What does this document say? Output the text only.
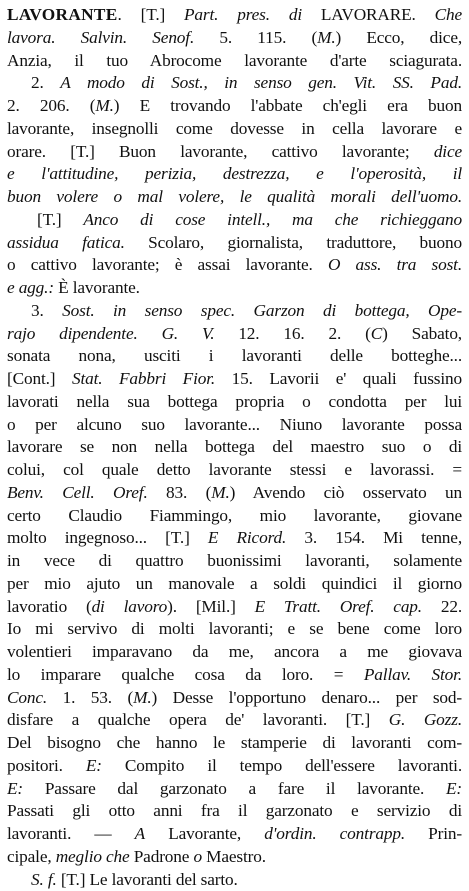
LAVORANTE. [T.] Part. pres. di LAVORARE. Che
lavora. Salvin. Senof. 5. 115. (M.) Ecco, dice,
Anzia, il tuo Abrocome lavorante d'arte sciagurata.
2. A modo di Sost., in senso gen. Vit. SS. Pad.
2. 206. (M.) E trovando l'abbate ch'egli era buon
lavorante, insegnolli come dovesse in cella lavorare e
orare. [T.] Buon lavorante, cattivo lavorante; dice
e l'attitudine, perizia, destrezza, e l'operosità, il
buon volere o mal volere, le qualità morali dell'uomo.
[T.] Anco di cose intell., ma che richieggano
assidua fatica. Scolaro, giornalista, traduttore, buono
o cattivo lavorante; è assai lavorante. O ass. tra sost.
e agg.: È lavorante.
3. Sost. in senso spec. Garzon di bottega, Ope-
rajo dipendente. G. V. 12. 16. 2. (C) Sabato,
sonata nona, usciti i lavoranti delle botteghe...
[Cont.] Stat. Fabbri Fior. 15. Lavorii e' quali fussino
lavorati nella sua bottega propria o condotta per lui
o per alcuno suo lavorante... Niuno lavorante possa
lavorare se non nella bottega del maestro suo o di
colui, col quale detto lavorante stessi e lavorassi. =
Benv. Cell. Oref. 83. (M.) Avendo ciò osservato un
certo Claudio Fiammingo, mio lavorante, giovane
molto ingegnoso... [T.] E Ricord. 3. 154. Mi tenne,
in vece di quattro buonissimi lavoranti, solamente
per mio ajuto un manovale a soldi quindici il giorno
lavoratio (di lavoro). [Mil.] E Tratt. Oref. cap. 22.
Io mi servivo di molti lavoranti; e se bene come loro
volentieri imparavano da me, ancora a me giovava
lo imparare qualche cosa da loro. = Pallav. Stor.
Conc. 1. 53. (M.) Desse l'opportuno denaro... per sod-
disfare a qualche opera de' lavoranti. [T.] G. Gozz.
Del bisogno che hanno le stamperie di lavoranti com-
positori. E: Compito il tempo dell'essere lavoranti.
E: Passare dal garzonato a fare il lavorante. E:
Passati gli otto anni fra il garzonato e servizio di
lavoranti. — A Lavorante, d'ordin. contrapp. Prin-
cipale, meglio che Padrone o Maestro.
S. f. [T.] Le lavoranti del sarto.
